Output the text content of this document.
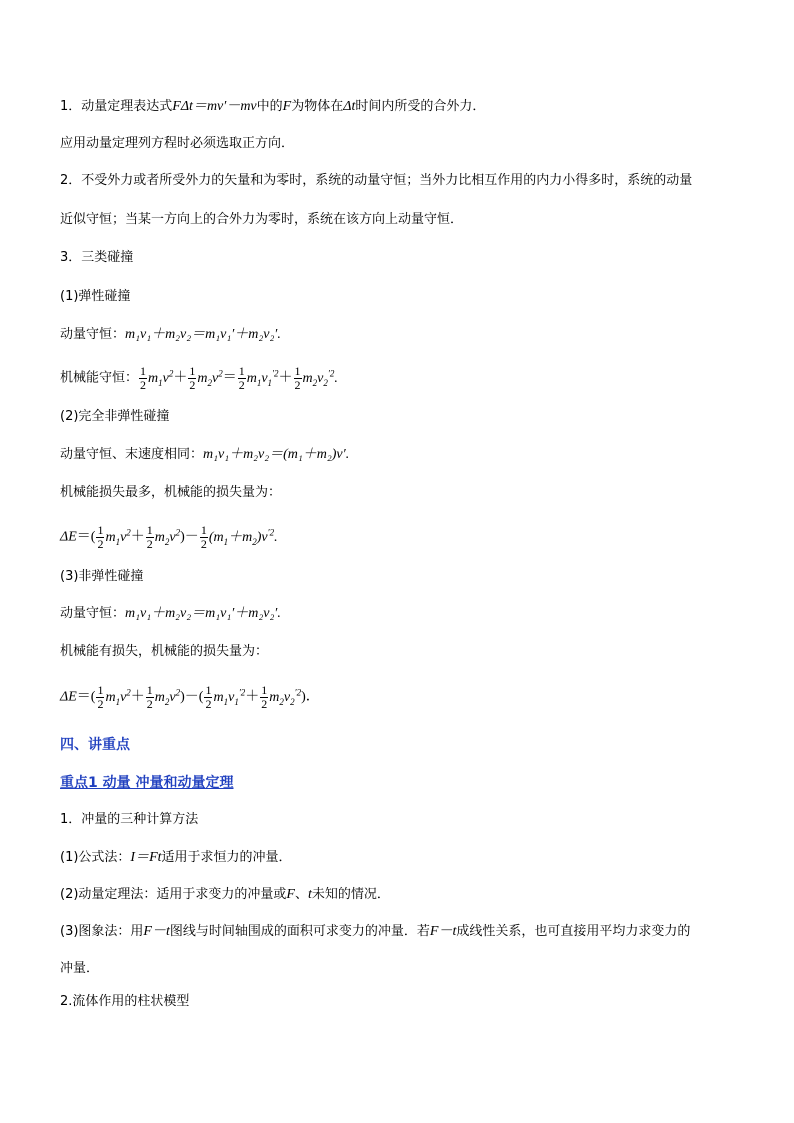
1．动量定理表达式FΔt＝mv′－mv中的F为物体在Δt时间内所受的合外力．
应用动量定理列方程时必须选取正方向．
2．不受外力或者所受外力的矢量和为零时，系统的动量守恒；当外力比相互作用的内力小得多时，系统的动量
近似守恒；当某一方向上的合外力为零时，系统在该方向上动量守恒．
3．三类碰撞
(1)弹性碰撞
动量守恒：m₁v₁＋m₂v₂＝m₁v₁′＋m₂v₂′.
机械能守恒： $\frac{1}{2} m_1v^2+ \frac{1}{2} m_2v^2= \frac{1}{2} m_1v_1^{'2}+ \frac{1}{2} m_2v_2^{'2}$.
(2)完全非弹性碰撞
动量守恒、末速度相同：m₁v₁＋m₂v₂＝(m₁＋m₂)v′.
机械能损失最多，机械能的损失量为：
$\Delta E=( \frac{1}{2} m_1v^2+ \frac{1}{2} m_2v^2)- \frac{1}{2} (m_1+m_2)v^{'2}$.
(3)非弹性碰撞
动量守恒：m₁v₁＋m₂v₂＝m₁v₁′＋m₂v₂′.
机械能有损失，机械能的损失量为：
$\Delta E=( \frac{1}{2} m_1v^2+ \frac{1}{2} m_2v^2)-( \frac{1}{2} m_1v_1^{'2}+ \frac{1}{2} m_2v_2^{'2})$．
四、讲重点
重点1 动量 冲量和动量定理
1．冲量的三种计算方法
(1)公式法：I＝Ft适用于求恒力的冲量．
(2)动量定理法：适用于求变力的冲量或F、t未知的情况．
(3)图象法：用F－t图线与时间轴围成的面积可求变力的冲量．若F－t成线性关系，也可直接用平均力求变力的
冲量．
2.流体作用的柱状模型
